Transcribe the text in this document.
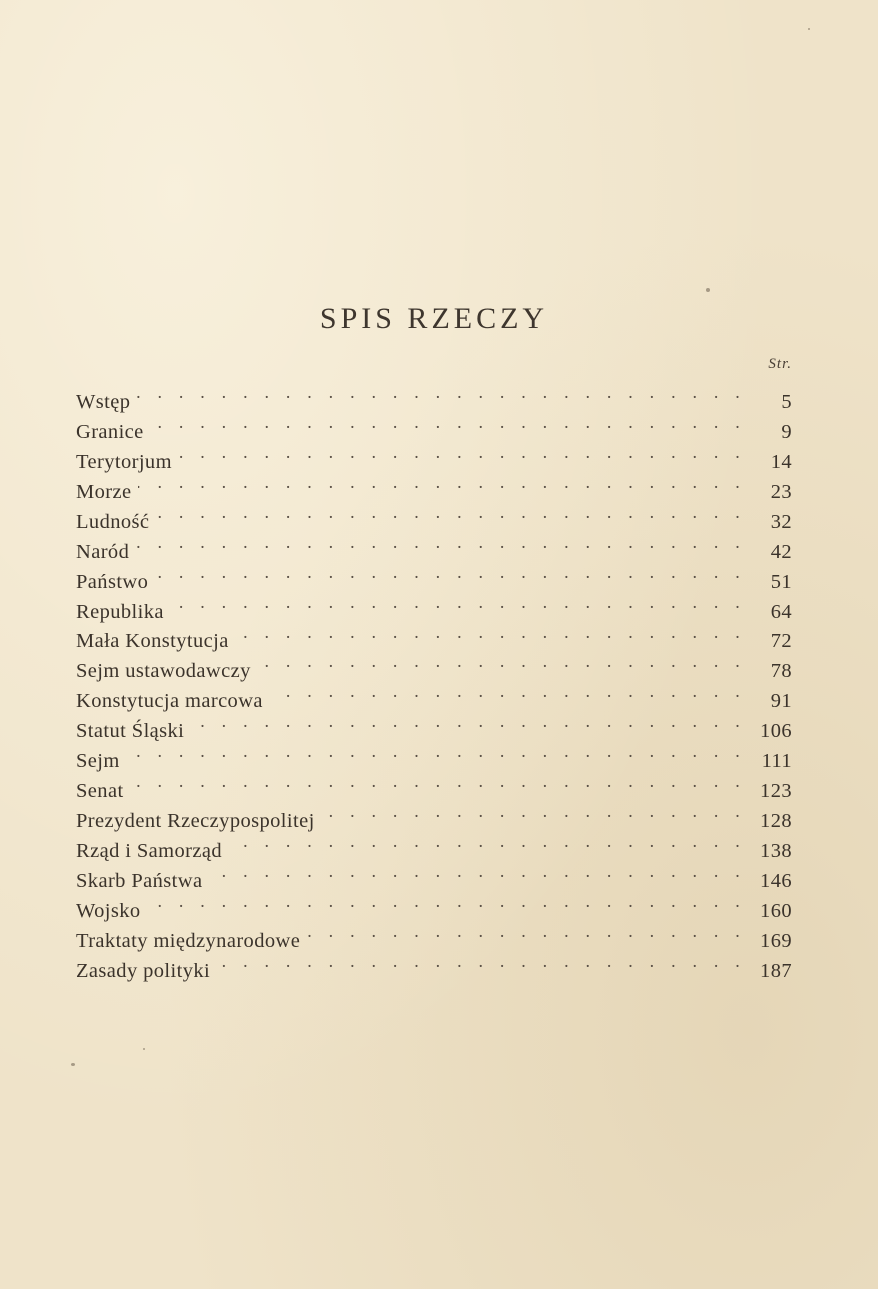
SPIS RZECZY
Str.
Wstęp . . .	5
Granice . . .	9
Terytorjum . . .	14
Morze . . .	23
Ludność . . .	32
Naród . . .	42
Państwo . . .	51
Republika . . .	64
Mała Konstytucja . . .	72
Sejm ustawodawczy . . .	78
Konstytucja marcowa . . .	91
Statut Śląski . . .	106
Sejm . . .	111
Senat . . .	123
Prezydent Rzeczypospolitej . . .	128
Rząd i Samorząd . . .	138
Skarb Państwa . . .	146
Wojsko . . .	160
Traktaty międzynarodowe . . .	169
Zasady polityki . . .	187
